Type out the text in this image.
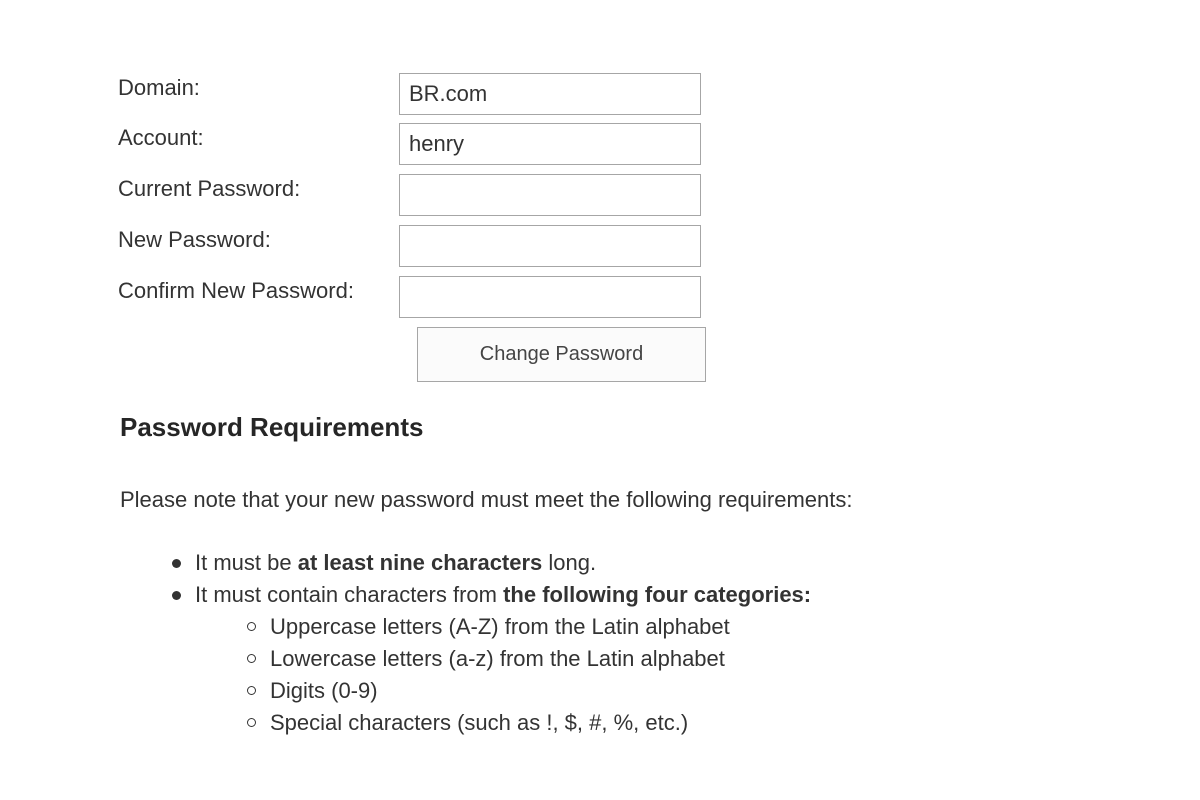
Domain:
BR.com
Account:
henry
Current Password:
New Password:
Confirm New Password:
Change Password
Password Requirements

Please note that your new password must meet the following requirements:

It must be at least nine characters long.
It must contain characters from the following four categories:
Uppercase letters (A-Z) from the Latin alphabet
Lowercase letters (a-z) from the Latin alphabet
Digits (0-9)
Special characters (such as !, $, #, %, etc.)
